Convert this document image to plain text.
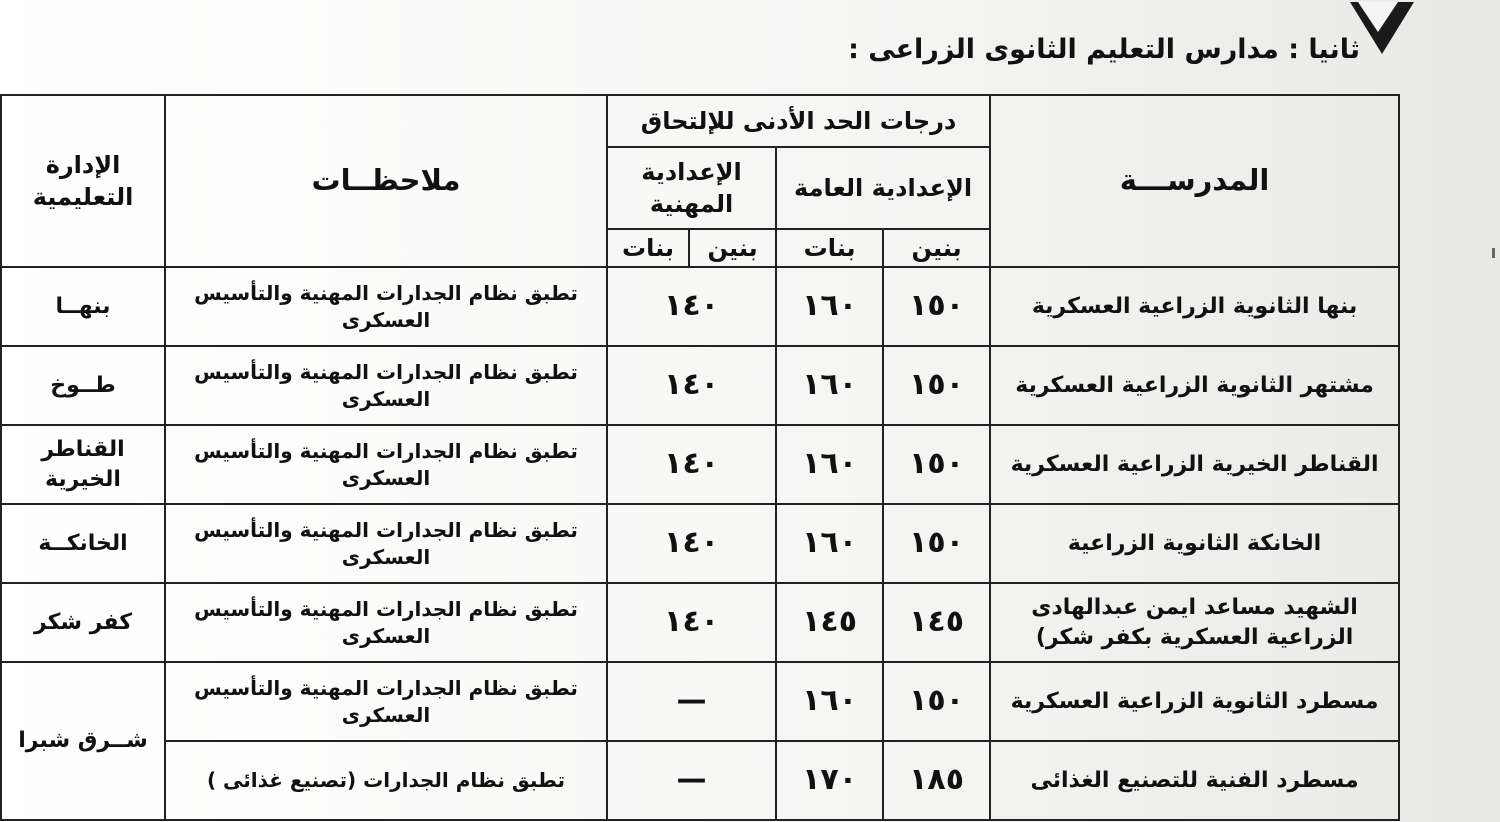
ثانيا : مدارس التعليم الثانوى الزراعى :
المدرســـة	درجات الحد الأدنى للإلتحاق				ملاحظــات	الإدارة التعليمية
	الإعدادية العامة		الإعدادية المهنية			
	بنين	بنات	بنين	بنات		
بنها الثانوية الزراعية العسكرية	١٥٠	١٦٠	١٤٠		تطبق نظام الجدارات المهنية والتأسيس العسكرى	بنهــا
مشتهر الثانوية الزراعية العسكرية	١٥٠	١٦٠	١٤٠		تطبق نظام الجدارات المهنية والتأسيس العسكرى	طــوخ
القناطر الخيرية الزراعية العسكرية	١٥٠	١٦٠	١٤٠		تطبق نظام الجدارات المهنية والتأسيس العسكرى	القناطر الخيرية
الخانكة الثانوية الزراعية	١٥٠	١٦٠	١٤٠		تطبق نظام الجدارات المهنية والتأسيس العسكرى	الخانكــة
الشهيد مساعد ايمن عبدالهادى الزراعية العسكرية بكفر شكر)	١٤٥	١٤٥	١٤٠		تطبق نظام الجدارات المهنية والتأسيس العسكرى	كفر شكر
مسطرد الثانوية الزراعية العسكرية	١٥٠	١٦٠	—		تطبق نظام الجدارات المهنية والتأسيس العسكرى	شــرق شبرا
مسطرد الفنية للتصنيع الغذائى	١٨٥	١٧٠	—		تطبق نظام الجدارات (تصنيع غذائى )	
